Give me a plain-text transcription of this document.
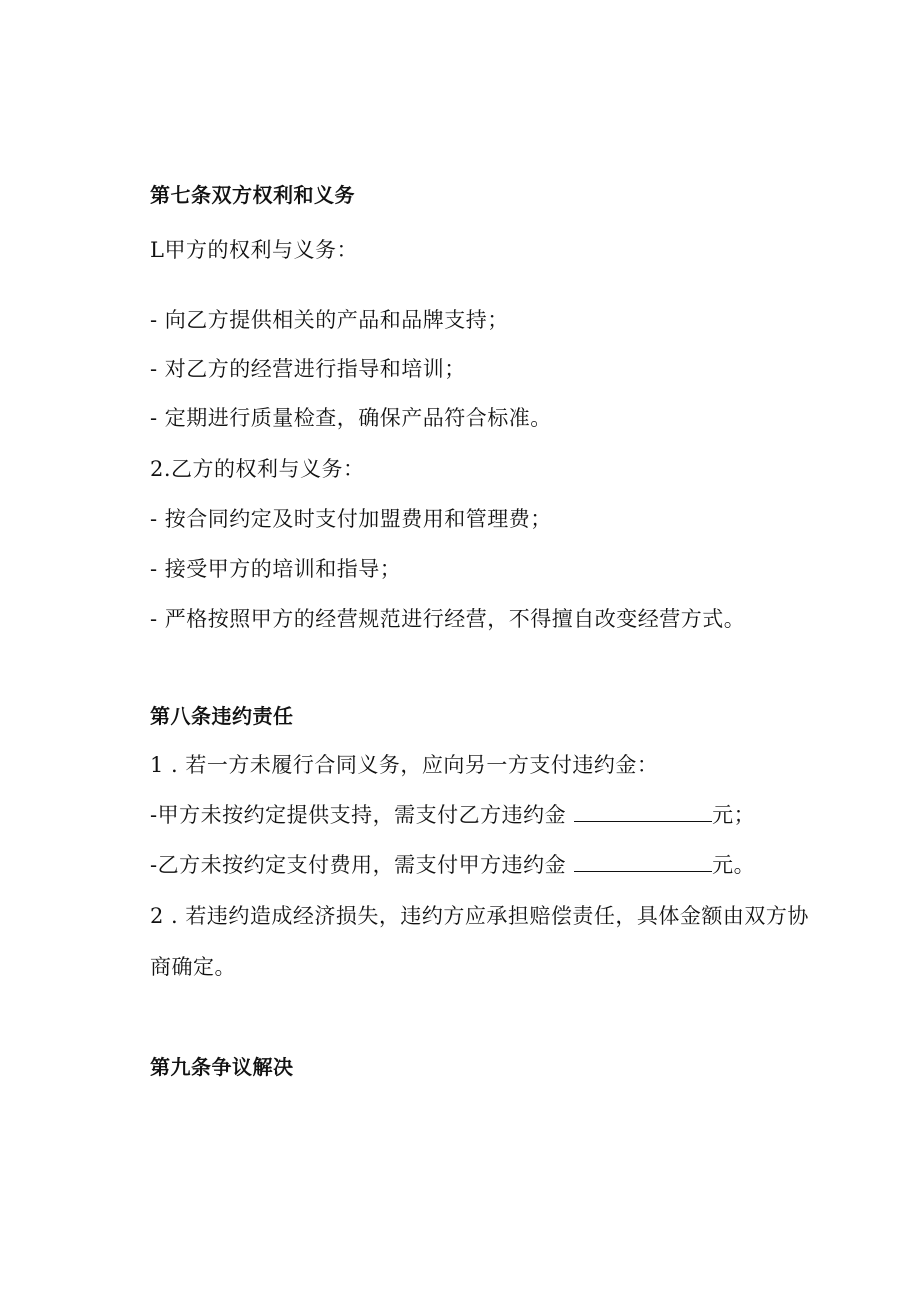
第七条双方权利和义务
L甲方的权利与义务：
- 向乙方提供相关的产品和品牌支持；
- 对乙方的经营进行指导和培训；
- 定期进行质量检查，确保产品符合标准。
2.乙方的权利与义务：
- 按合同约定及时支付加盟费用和管理费；
- 接受甲方的培训和指导；
- 严格按照甲方的经营规范进行经营，不得擅自改变经营方式。
第八条违约责任
1 . 若一方未履行合同义务，应向另一方支付违约金：
-甲方未按约定提供支持，需支付乙方违约金	元；
-乙方未按约定支付费用，需支付甲方违约金	元。
2 . 若违约造成经济损失，违约方应承担赔偿责任，具体金额由双方协
商确定。
第九条争议解决
